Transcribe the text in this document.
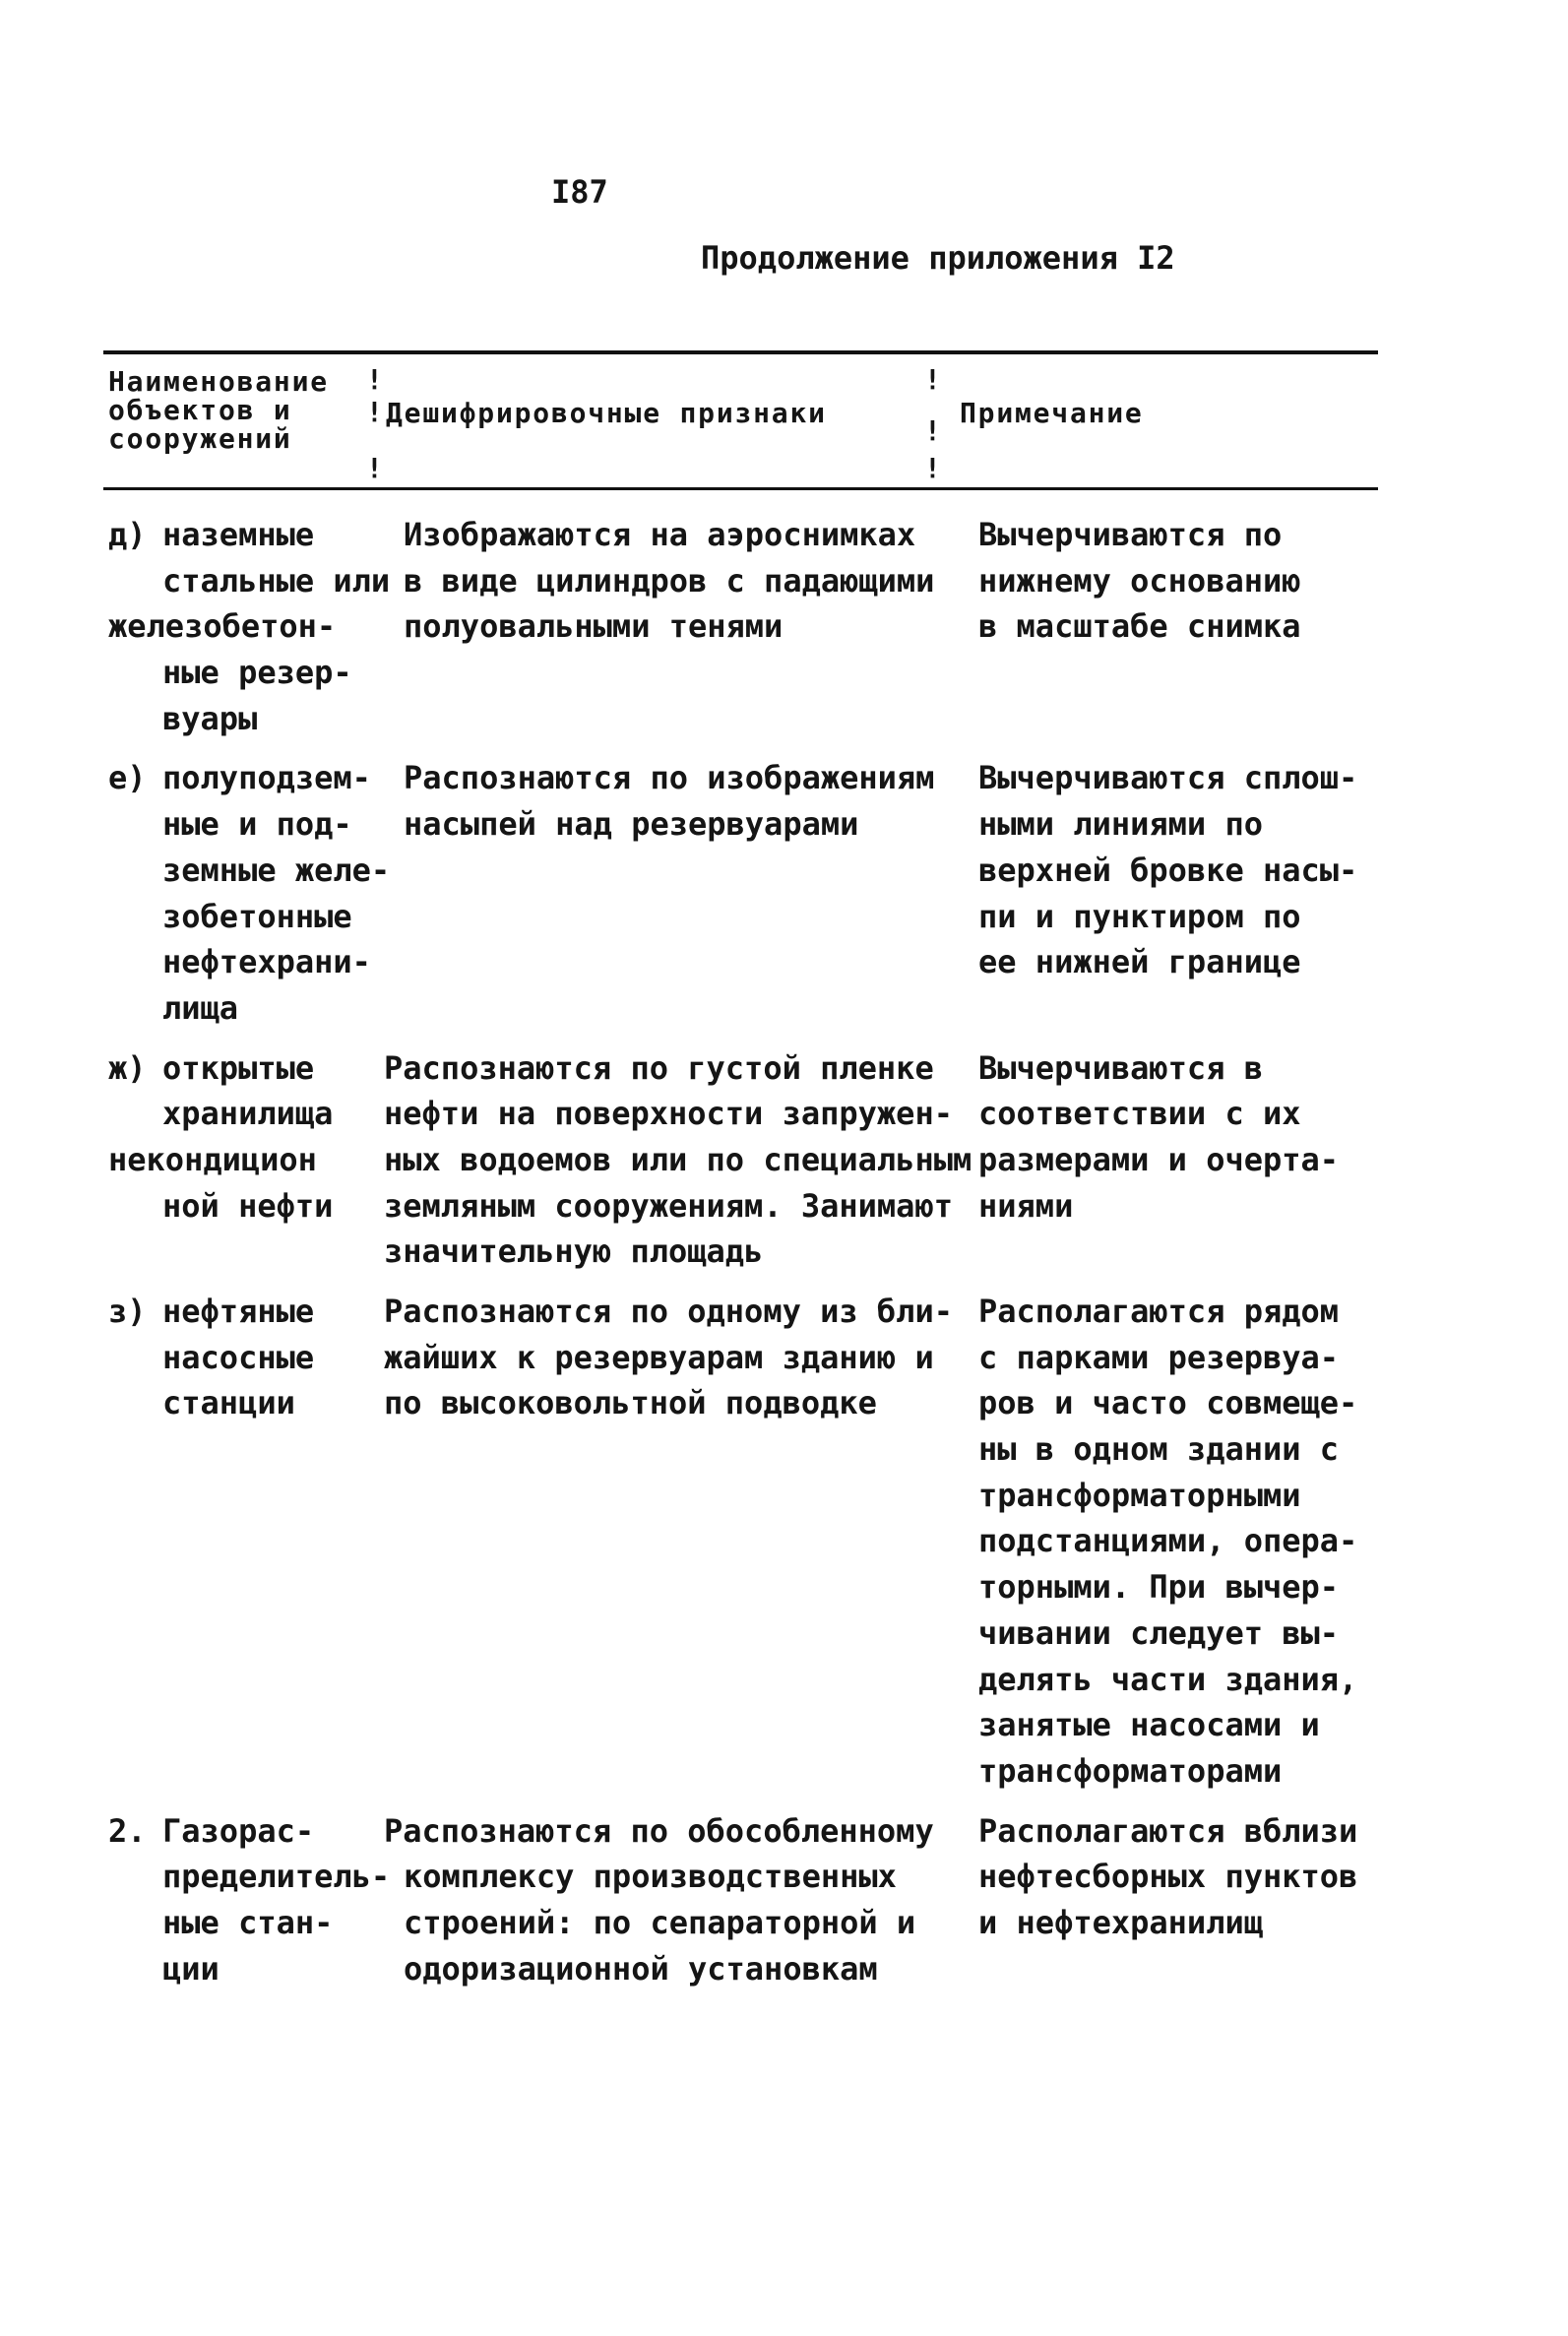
I87
Продолжение приложения I2
Наименование
объектов и
сооружений
Дешифрировочные признаки	Примечание
!
!
!
!
!
!
д) наземные
стальные или
железобетон-
ные резер-
вуары
Изображаются на аэроснимках
в виде цилиндров с падающими
полуовальными тенями
Вычерчиваются по
нижнему основанию
в масштабе снимка
е) полуподзем-
ные и под-
земные желе-
зобетонные
нефтехрани-
лища
Распознаются по изображениям
насыпей над резервуарами
Вычерчиваются сплош-
ными линиями по
верхней бровке насы-
пи и пунктиром по
ее нижней границе
ж) открытые
хранилища
некондицион
ной нефти
Распознаются по густой пленке
нефти на поверхности запружен-
ных водоемов или по специальным
земляным сооружениям. Занимают
значительную площадь
Вычерчиваются в
соответствии с их
размерами и очерта-
ниями
з) нефтяные
насосные
станции
Распознаются по одному из бли-
жайших к резервуарам зданию и
по высоковольтной подводке
Располагаются рядом
с парками резервуа-
ров и часто совмеще-
ны в одном здании с
трансформаторными
подстанциями, опера-
торными. При вычер-
чивании следует вы-
делять части здания,
занятые насосами и
трансформаторами
2. Газорас-
пределитель-
ные стан-
ции
Распознаются по обособленному
комплексу производственных
строений: по сепараторной и
одоризационной установкам
Располагаются вблизи
нефтесборных пунктов
и нефтехранилищ
